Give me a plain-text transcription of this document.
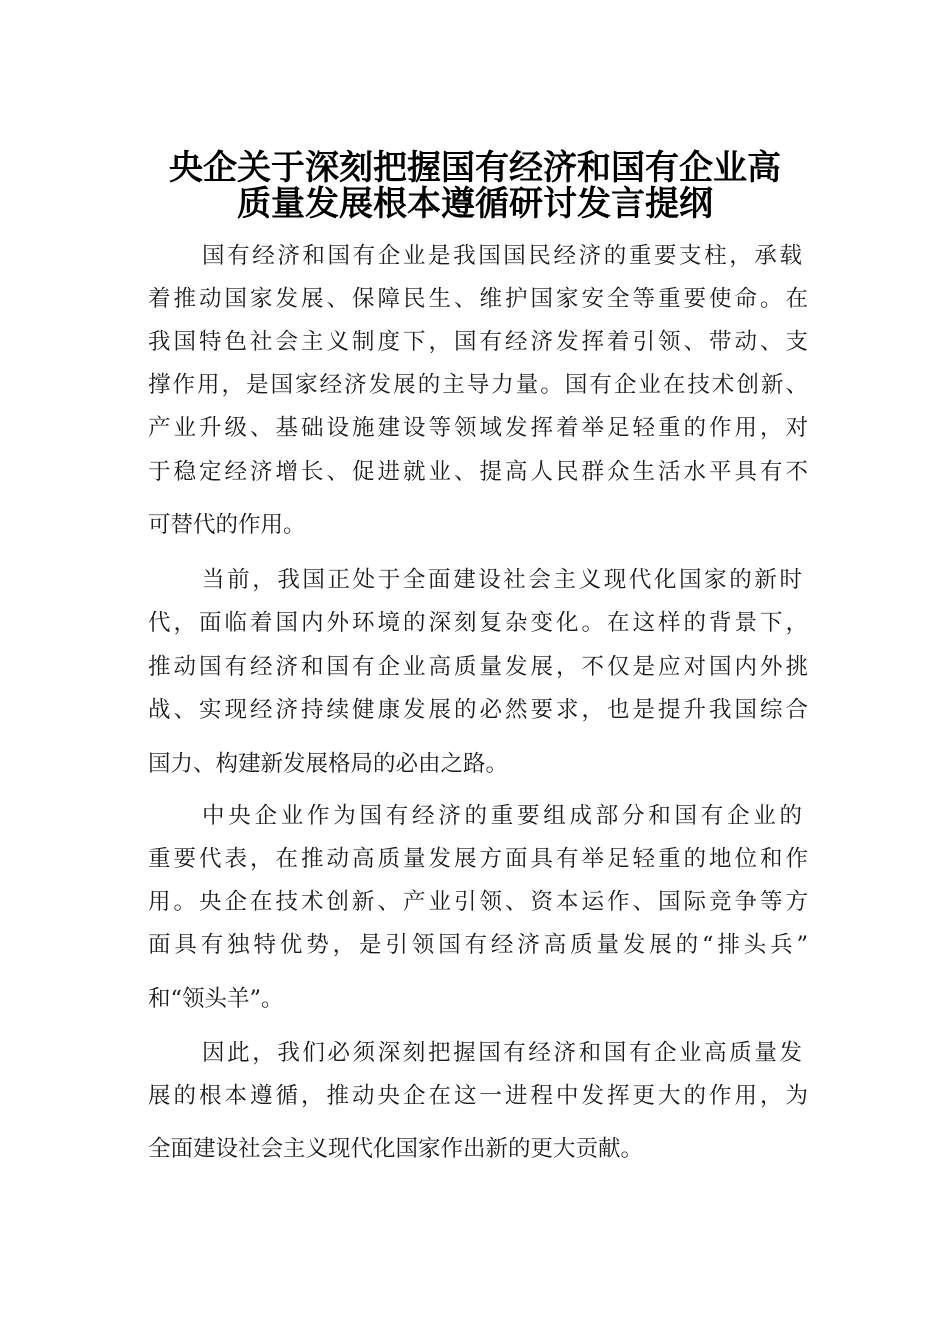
央企关于深刻把握国有经济和国有企业高
质量发展根本遵循研讨发言提纲

国有经济和国有企业是我国国民经济的重要支柱，承载

着推动国家发展、保障民生、维护国家安全等重要使命。在

我国特色社会主义制度下，国有经济发挥着引领、带动、支

撑作用，是国家经济发展的主导力量。国有企业在技术创新、

产业升级、基础设施建设等领域发挥着举足轻重的作用，对

于稳定经济增长、促进就业、提高人民群众生活水平具有不

可替代的作用。

当前，我国正处于全面建设社会主义现代化国家的新时

代，面临着国内外环境的深刻复杂变化。在这样的背景下，

推动国有经济和国有企业高质量发展，不仅是应对国内外挑

战、实现经济持续健康发展的必然要求，也是提升我国综合

国力、构建新发展格局的必由之路。

中央企业作为国有经济的重要组成部分和国有企业的

重要代表，在推动高质量发展方面具有举足轻重的地位和作

用。央企在技术创新、产业引领、资本运作、国际竞争等方

面具有独特优势，是引领国有经济高质量发展的“排头兵”

和“领头羊”。

因此，我们必须深刻把握国有经济和国有企业高质量发

展的根本遵循，推动央企在这一进程中发挥更大的作用，为

全面建设社会主义现代化国家作出新的更大贡献。
